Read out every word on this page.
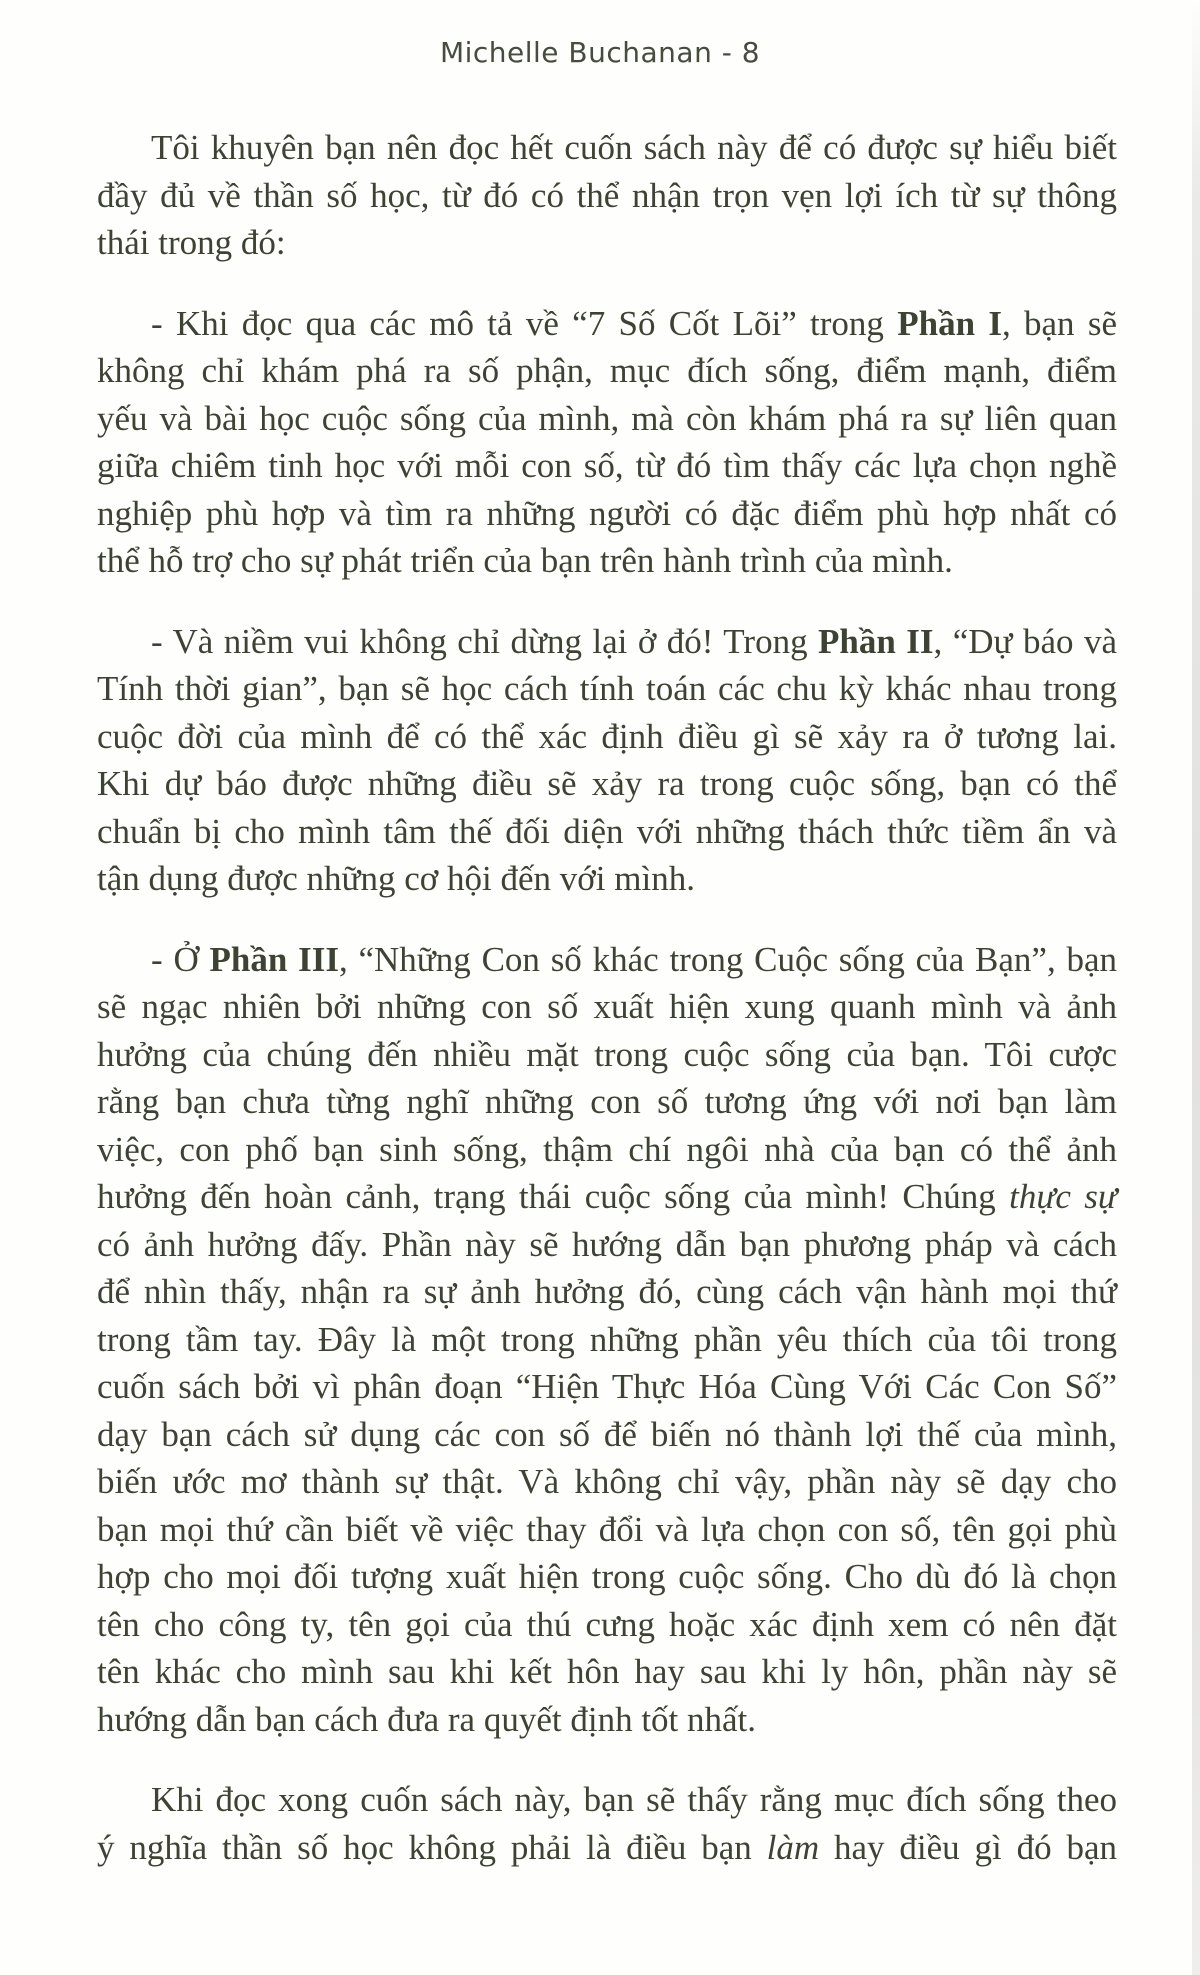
Michelle Buchanan - 8
Tôi khuyên bạn nên đọc hết cuốn sách này để có được sự hiểu biết
đầy đủ về thần số học, từ đó có thể nhận trọn vẹn lợi ích từ sự thông
thái trong đó:
- Khi đọc qua các mô tả về “7 Số Cốt Lõi” trong Phần I, bạn sẽ
không chỉ khám phá ra số phận, mục đích sống, điểm mạnh, điểm
yếu và bài học cuộc sống của mình, mà còn khám phá ra sự liên quan
giữa chiêm tinh học với mỗi con số, từ đó tìm thấy các lựa chọn nghề
nghiệp phù hợp và tìm ra những người có đặc điểm phù hợp nhất có
thể hỗ trợ cho sự phát triển của bạn trên hành trình của mình.
- Và niềm vui không chỉ dừng lại ở đó! Trong Phần II, “Dự báo và
Tính thời gian”, bạn sẽ học cách tính toán các chu kỳ khác nhau trong
cuộc đời của mình để có thể xác định điều gì sẽ xảy ra ở tương lai.
Khi dự báo được những điều sẽ xảy ra trong cuộc sống, bạn có thể
chuẩn bị cho mình tâm thế đối diện với những thách thức tiềm ẩn và
tận dụng được những cơ hội đến với mình.
- Ở Phần III, “Những Con số khác trong Cuộc sống của Bạn”, bạn
sẽ ngạc nhiên bởi những con số xuất hiện xung quanh mình và ảnh
hưởng của chúng đến nhiều mặt trong cuộc sống của bạn. Tôi cược
rằng bạn chưa từng nghĩ những con số tương ứng với nơi bạn làm
việc, con phố bạn sinh sống, thậm chí ngôi nhà của bạn có thể ảnh
hưởng đến hoàn cảnh, trạng thái cuộc sống của mình! Chúng thực sự
có ảnh hưởng đấy. Phần này sẽ hướng dẫn bạn phương pháp và cách
để nhìn thấy, nhận ra sự ảnh hưởng đó, cùng cách vận hành mọi thứ
trong tầm tay. Đây là một trong những phần yêu thích của tôi trong
cuốn sách bởi vì phân đoạn “Hiện Thực Hóa Cùng Với Các Con Số”
dạy bạn cách sử dụng các con số để biến nó thành lợi thế của mình,
biến ước mơ thành sự thật. Và không chỉ vậy, phần này sẽ dạy cho
bạn mọi thứ cần biết về việc thay đổi và lựa chọn con số, tên gọi phù
hợp cho mọi đối tượng xuất hiện trong cuộc sống. Cho dù đó là chọn
tên cho công ty, tên gọi của thú cưng hoặc xác định xem có nên đặt
tên khác cho mình sau khi kết hôn hay sau khi ly hôn, phần này sẽ
hướng dẫn bạn cách đưa ra quyết định tốt nhất.
Khi đọc xong cuốn sách này, bạn sẽ thấy rằng mục đích sống theo
ý nghĩa thần số học không phải là điều bạn làm hay điều gì đó bạn
